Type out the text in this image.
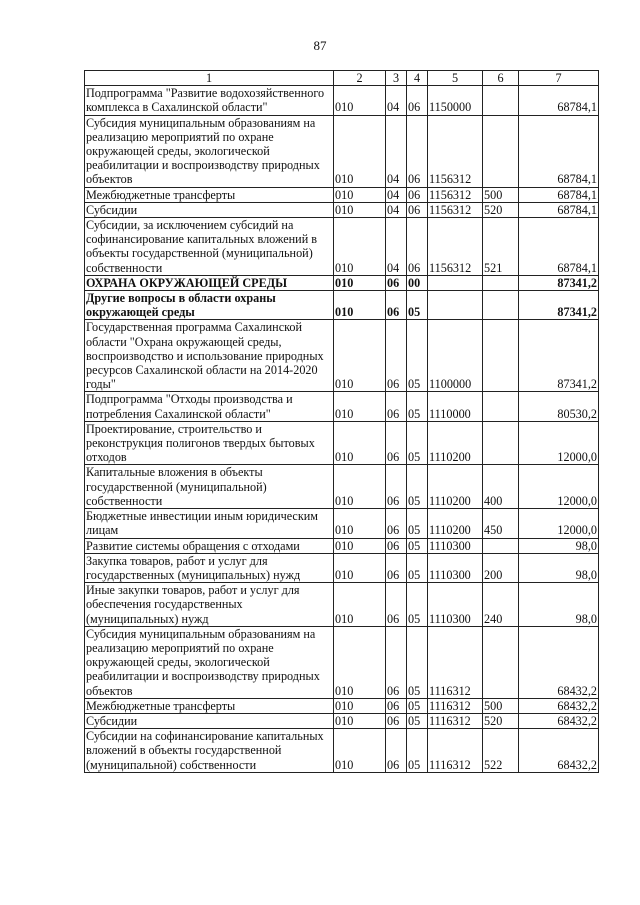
87
1	2	3	4	5	6	7
Подпрограмма "Развитие водохозяйственного комплекса в Сахалинской области"	010	04	06	1150000		68784,1
Субсидия муниципальным образованиям на реализацию мероприятий по охране окружающей среды, экологической реабилитации и воспроизводству природных объектов	010	04	06	1156312		68784,1
Межбюджетные трансферты	010	04	06	1156312	500	68784,1
Субсидии	010	04	06	1156312	520	68784,1
Субсидии, за исключением субсидий на софинансирование капитальных вложений в объекты государственной (муниципальной) собственности	010	04	06	1156312	521	68784,1
ОХРАНА ОКРУЖАЮЩЕЙ СРЕДЫ	010	06	00			87341,2
Другие вопросы в области охраны окружающей среды	010	06	05			87341,2
Государственная программа Сахалинской области "Охрана окружающей среды, воспроизводство и использование природных ресурсов Сахалинской области на 2014-2020 годы"	010	06	05	1100000		87341,2
Подпрограмма "Отходы производства и потребления Сахалинской области"	010	06	05	1110000		80530,2
Проектирование, строительство и реконструкция полигонов твердых бытовых отходов	010	06	05	1110200		12000,0
Капитальные вложения в объекты государственной (муниципальной) собственности	010	06	05	1110200	400	12000,0
Бюджетные инвестиции иным юридическим лицам	010	06	05	1110200	450	12000,0
Развитие системы обращения с отходами	010	06	05	1110300		98,0
Закупка товаров, работ и услуг для государственных (муниципальных) нужд	010	06	05	1110300	200	98,0
Иные закупки товаров, работ и услуг для обеспечения государственных (муниципальных) нужд	010	06	05	1110300	240	98,0
Субсидия муниципальным образованиям на реализацию мероприятий по охране окружающей среды, экологической реабилитации и воспроизводству природных объектов	010	06	05	1116312		68432,2
Межбюджетные трансферты	010	06	05	1116312	500	68432,2
Субсидии	010	06	05	1116312	520	68432,2
Субсидии на софинансирование капитальных вложений в объекты государственной (муниципальной) собственности	010	06	05	1116312	522	68432,2
